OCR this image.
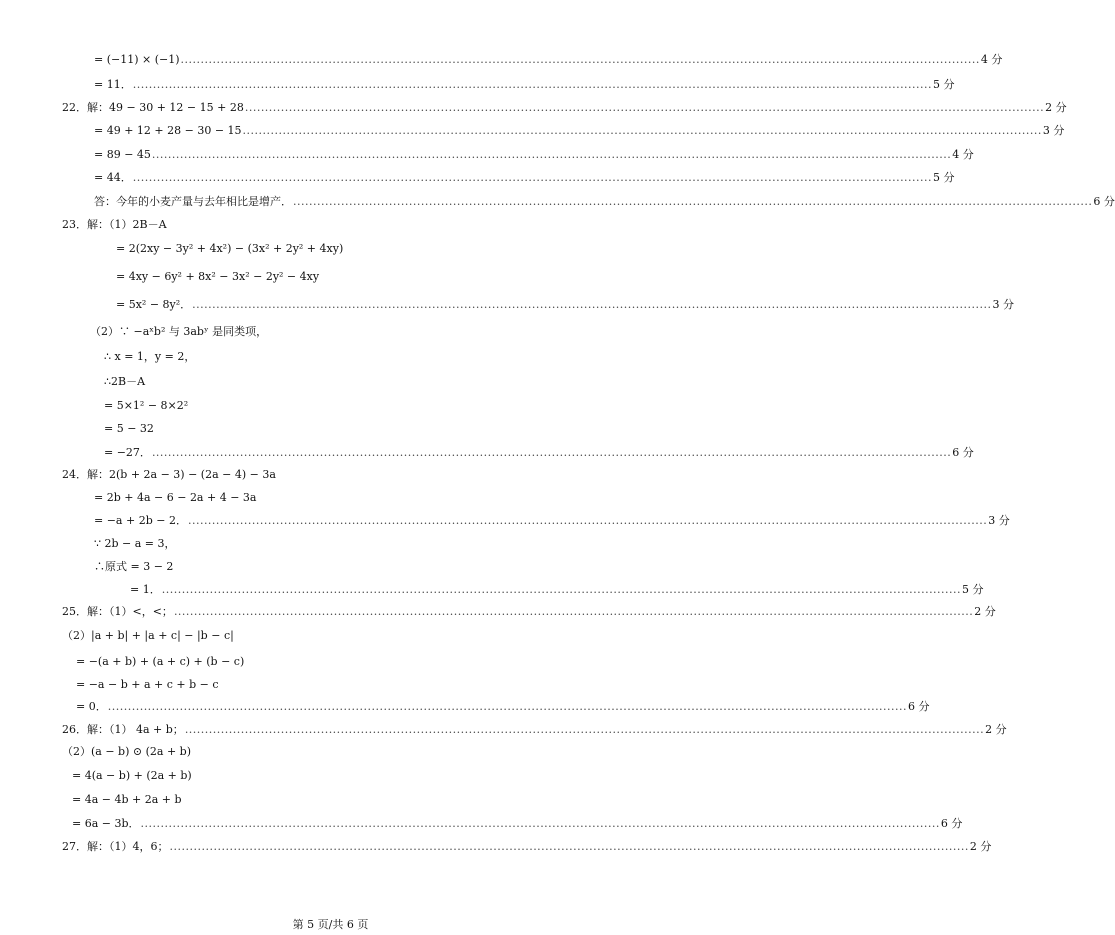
= (−11) × (−1) ........................................................................................................................................................................................................ 4 分
= 11． ........................................................................................................................................................................................................ 5 分
22．解：49 − 30 + 12 − 15 + 28 ........................................................................................................................................................................................................ 2 分
= 49 + 12 + 28 − 30 − 15 ........................................................................................................................................................................................................ 3 分
= 89 − 45 ........................................................................................................................................................................................................ 4 分
= 44． ........................................................................................................................................................................................................ 5 分
答：今年的小麦产量与去年相比是增产． ........................................................................................................................................................................................................ 6 分
23．解：（1）2B－A
= 2(2xy − 3y² + 4x²) − (3x² + 2y² + 4xy)
= 4xy − 6y² + 8x² − 3x² − 2y² − 4xy
= 5x² − 8y²． ........................................................................................................................................................................................................ 3 分
（2）∵ −aˣb² 与 3abʸ 是同类项，
∴ x = 1，y = 2，
∴2B－A
= 5×1² − 8×2²
= 5 − 32
= −27． ........................................................................................................................................................................................................ 6 分
24．解：2(b + 2a − 3) − (2a − 4) − 3a
= 2b + 4a − 6 − 2a + 4 − 3a
= −a + 2b − 2． ........................................................................................................................................................................................................ 3 分
∵ 2b − a = 3，
∴原式 = 3 − 2
= 1． ........................................................................................................................................................................................................ 5 分
25．解：（1）<，<； ........................................................................................................................................................................................................ 2 分
（2）|a + b| + |a + c| − |b − c|
= −(a + b) + (a + c) + (b − c)
= −a − b + a + c + b − c
= 0． ........................................................................................................................................................................................................ 6 分
26．解：（1） 4a + b； ........................................................................................................................................................................................................ 2 分
（2）(a − b) ⊙ (2a + b)
= 4(a − b) + (2a + b)
= 4a − 4b + 2a + b
= 6a − 3b． ........................................................................................................................................................................................................ 6 分
27．解：（1）4，6； ........................................................................................................................................................................................................ 2 分
第 5 页/共 6 页
